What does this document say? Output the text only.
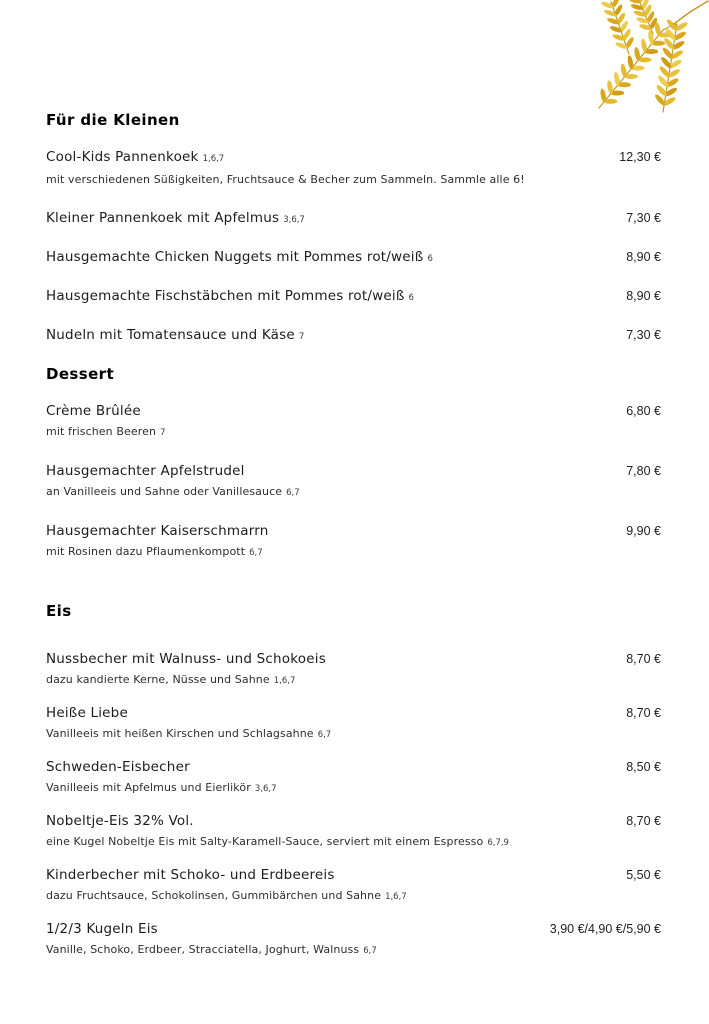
Für die Kleinen
Cool-Kids Pannenkoek 1,6,7	12,30 €
mit verschiedenen Süßigkeiten, Fruchtsauce & Becher zum Sammeln. Sammle alle 6!
Kleiner Pannenkoek mit Apfelmus 3,6,7	7,30 €
Hausgemachte Chicken Nuggets mit Pommes rot/weiß 6	8,90 €
Hausgemachte Fischstäbchen mit Pommes rot/weiß 6	8,90 €
Nudeln mit Tomatensauce und Käse 7	7,30 €
Dessert
Crème Brûlée	6,80 €
mit frischen Beeren 7
Hausgemachter Apfelstrudel	7,80 €
an Vanilleeis und Sahne oder Vanillesauce 6,7
Hausgemachter Kaiserschmarrn	9,90 €
mit Rosinen dazu Pflaumenkompott 6,7
Eis
Nussbecher mit Walnuss- und Schokoeis	8,70 €
dazu kandierte Kerne, Nüsse und Sahne 1,6,7
Heiße Liebe	8,70 €
Vanilleeis mit heißen Kirschen und Schlagsahne 6,7
Schweden-Eisbecher	8,50 €
Vanilleeis mit Apfelmus und Eierlikör 3,6,7
Nobeltje-Eis 32% Vol.	8,70 €
eine Kugel Nobeltje Eis mit Salty-Karamell-Sauce, serviert mit einem Espresso 6,7,9
Kinderbecher mit Schoko- und Erdbeereis	5,50 €
dazu Fruchtsauce, Schokolinsen, Gummibärchen und Sahne 1,6,7
1/2/3 Kugeln Eis	3,90 €/4,90 €/5,90 €
Vanille, Schoko, Erdbeer, Stracciatella, Joghurt, Walnuss 6,7
